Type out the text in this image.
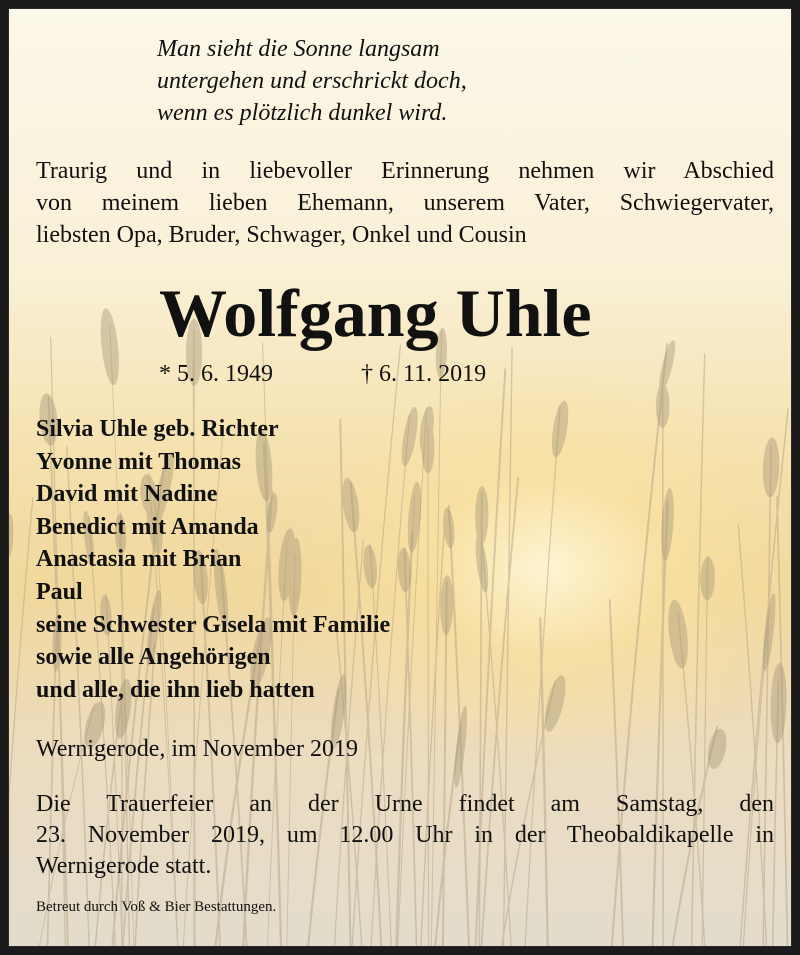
Man sieht die Sonne langsam
untergehen und erschrickt doch,
wenn es plötzlich dunkel wird.
Traurig und in liebevoller Erinnerung nehmen wir Abschied
von meinem lieben Ehemann, unserem Vater, Schwiegervater,
liebsten Opa, Bruder, Schwager, Onkel und Cousin
Wolfgang Uhle
* 5. 6. 1949	† 6. 11. 2019
Silvia Uhle geb. Richter
Yvonne mit Thomas
David mit Nadine
Benedict mit Amanda
Anastasia mit Brian
Paul
seine Schwester Gisela mit Familie
sowie alle Angehörigen
und alle, die ihn lieb hatten
Wernigerode, im November 2019
Die Trauerfeier an der Urne findet am Samstag, den
23. November 2019, um 12.00 Uhr in der Theobaldikapelle in
Wernigerode statt.
Betreut durch Voß & Bier Bestattungen.
